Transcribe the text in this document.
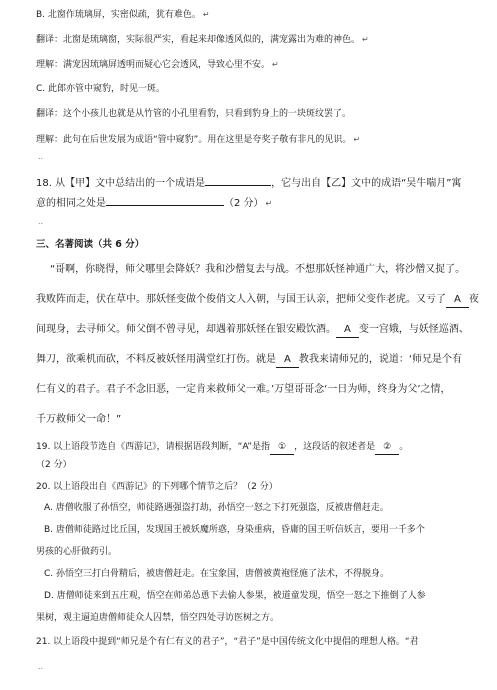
B. 北窗作琉璃屏，实密似疏，犹有难色。 ↵
翻译：北窗是琉璃窗，实际很严实，看起来却像透风似的，满宠露出为难的神色。 ↵
理解：满宠因琉璃屏透明而疑心它会透风，导致心里不安。 ↵
C. 此郎亦管中窥豹，时见一斑。
翻译：这个小孩儿也就是从竹管的小孔里看豹，只看到豹身上的一块斑纹罢了。
理解：此句在后世发展为成语“管中窥豹”。用在这里是夸奖子敬有非凡的见识。 ↵
..
18. 从【甲】文中总结出的一个成语是	，它与出自【乙】文中的成语“吴牛喘月”寓
意的相同之处是	（2 分） ↵
..
三、名著阅读（共 6 分）
“哥啊，你晓得，师父哪里会降妖？我和沙僧复去与战。不想那妖怪神通广大，将沙僧又捉了。
我败阵而走，伏在草中。那妖怪变做个俊俏文人入朝，与国王认亲，把师父变作老虎。又亏了 A 夜
间现身，去寻师父。师父倒不曾寻见，却遇着那妖怪在银安殿饮酒。 A 变一宫娥，与妖怪巡酒、
舞刀，欲乘机而砍，不料反被妖怪用满堂红打伤。就是 A 教我来请师兄的，说道：‘师兄是个有
仁有义的君子。君子不念旧恶，一定肯来救师父一难。’万望哥哥念‘一日为师，终身为父’之情，
千万救师父一命！”
19. 以上语段节选自《西游记》，请根据语段判断，“A”是指 ① ，这段话的叙述者是 ② 。
（2 分）
20. 以上语段出自《西游记》的下列哪个情节之后？（2 分）
A. 唐僧收服了孙悟空，师徒路遇强盗打劫，孙悟空一怒之下打死强盗，反被唐僧赶走。
B. 唐僧师徒路过比丘国，发现国王被妖魔所惑，身染重病，昏庸的国王听信妖言，要用一千多个
男孩的心肝做药引。
C. 孙悟空三打白骨精后，被唐僧赶走。在宝象国，唐僧被黄袍怪施了法术，不得脱身。
D. 唐僧师徒来到五庄观，悟空在师弟怂恿下去偷人参果，被道童发现，悟空一怒之下推倒了人参
果树，观主逼迫唐僧师徒众人囚禁，悟空四处寻访医树之方。
21. 以上语段中提到“师兄是个有仁有义的君子”，“君子”是中国传统文化中提倡的理想人格。“君
..
